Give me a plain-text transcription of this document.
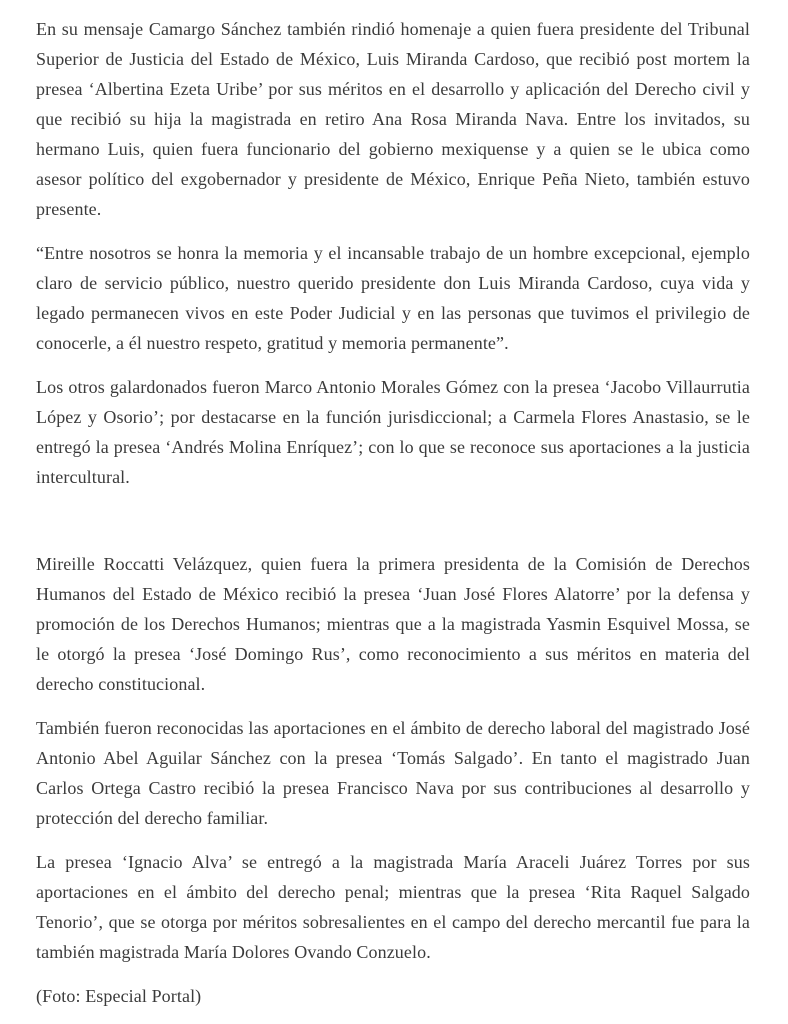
En su mensaje Camargo Sánchez también rindió homenaje a quien fuera presidente del Tribunal Superior de Justicia del Estado de México, Luis Miranda Cardoso, que recibió post mortem la presea ‘Albertina Ezeta Uribe’ por sus méritos en el desarrollo y aplicación del Derecho civil y que recibió su hija la magistrada en retiro Ana Rosa Miranda Nava. Entre los invitados, su hermano Luis, quien fuera funcionario del gobierno mexiquense y a quien se le ubica como asesor político del exgobernador y presidente de México, Enrique Peña Nieto, también estuvo presente.

“Entre nosotros se honra la memoria y el incansable trabajo de un hombre excepcional, ejemplo claro de servicio público, nuestro querido presidente don Luis Miranda Cardoso, cuya vida y legado permanecen vivos en este Poder Judicial y en las personas que tuvimos el privilegio de conocerle, a él nuestro respeto, gratitud y memoria permanente”.

Los otros galardonados fueron Marco Antonio Morales Gómez con la presea ‘Jacobo Villaurrutia López y Osorio’; por destacarse en la función jurisdiccional; a Carmela Flores Anastasio, se le entregó la presea ‘Andrés Molina Enríquez’; con lo que se reconoce sus aportaciones a la justicia intercultural.

Mireille Roccatti Velázquez, quien fuera la primera presidenta de la Comisión de Derechos Humanos del Estado de México recibió la presea ‘Juan José Flores Alatorre’ por la defensa y promoción de los Derechos Humanos; mientras que a la magistrada Yasmin Esquivel Mossa, se le otorgó la presea ‘José Domingo Rus’, como reconocimiento a sus méritos en materia del derecho constitucional.

También fueron reconocidas las aportaciones en el ámbito de derecho laboral del magistrado José Antonio Abel Aguilar Sánchez con la presea ‘Tomás Salgado’. En tanto el magistrado Juan Carlos Ortega Castro recibió la presea Francisco Nava por sus contribuciones al desarrollo y protección del derecho familiar.

La presea ‘Ignacio Alva’ se entregó a la magistrada María Araceli Juárez Torres por sus aportaciones en el ámbito del derecho penal; mientras que la presea ‘Rita Raquel Salgado Tenorio’, que se otorga por méritos sobresalientes en el campo del derecho mercantil fue para la también magistrada María Dolores Ovando Conzuelo.

(Foto: Especial Portal)
